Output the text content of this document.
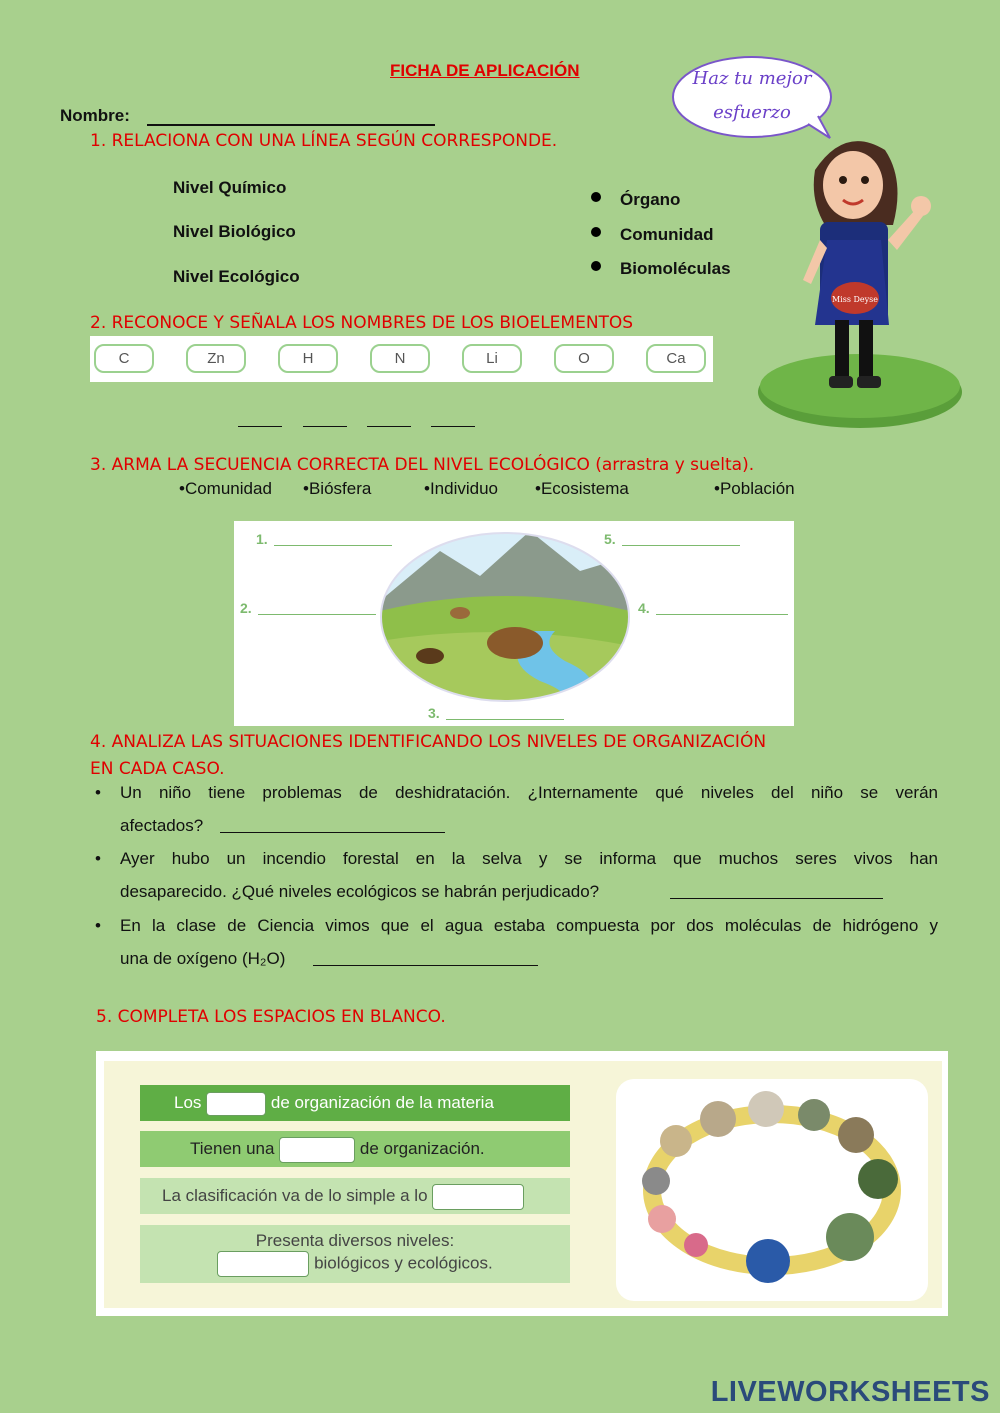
FICHA DE APLICACIÓN
Nombre:
Haz tu mejor esfuerzo
Miss Deyse
1. RELACIONA CON UNA LÍNEA SEGÚN CORRESPONDE.
Nivel Químico
Nivel Biológico
Nivel Ecológico
Órgano
Comunidad
Biomoléculas
2. RECONOCE Y SEÑALA LOS NOMBRES DE LOS BIOELEMENTOS
C	Zn	H	N	Li	O	Ca
3. ARMA LA SECUENCIA CORRECTA DEL NIVEL ECOLÓGICO (arrastra y suelta).
•Comunidad •Biósfera	•Individuo •Ecosistema	•Población
1.
2.
3.
4.
5.
4. ANALIZA LAS SITUACIONES IDENTIFICANDO LOS NIVELES DE ORGANIZACIÓN
EN CADA CASO.
• Un niño tiene problemas de deshidratación. ¿Internamente qué niveles del niño se verán
afectados?
• Ayer hubo un incendio forestal en la selva y se informa que muchos seres vivos han
desaparecido. ¿Qué niveles ecológicos se habrán perjudicado?
• En la clase de Ciencia vimos que el agua estaba compuesta por dos moléculas de hidrógeno y
una de oxígeno (H₂O)
5. COMPLETA LOS ESPACIOS EN BLANCO.
Los	de organización de la materia
Tienen una	de organización.
La clasificación va de lo simple a lo
Presenta diversos niveles:
biológicos y ecológicos.
LIVEWORKSHEETS
